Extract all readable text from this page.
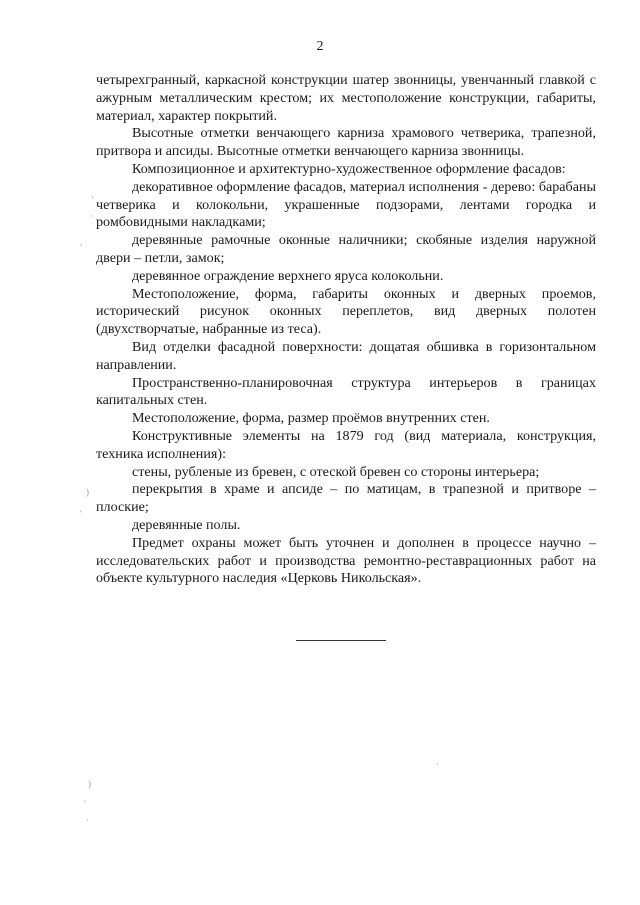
2

четырехгранный, каркасной конструкции шатер звонницы, увенчанный главкой с ажурным металлическим крестом; их местоположение конструкции, габариты, материал, характер покрытий.

Высотные отметки венчающего карниза храмового четверика, трапезной, притвора и апсиды. Высотные отметки венчающего карниза звонницы.

Композиционное и архитектурно-художественное оформление фасадов:

декоративное оформление фасадов, материал исполнения - дерево: барабаны четверика и колокольни, украшенные подзорами, лентами городка и ромбовидными накладками;

деревянные рамочные оконные наличники; скобяные изделия наружной двери – петли, замок;

деревянное ограждение верхнего яруса колокольни.

Местоположение, форма, габариты оконных и дверных проемов, исторический рисунок оконных переплетов, вид дверных полотен (двухстворчатые, набранные из теса).

Вид отделки фасадной поверхности: дощатая обшивка в горизонтальном направлении.

Пространственно-планировочная структура интерьеров в границах капитальных стен.

Местоположение, форма, размер проёмов внутренних стен.

Конструктивные элементы на 1879 год (вид материала, конструкция, техника исполнения):

стены, рубленые из бревен, с отеской бревен со стороны интерьера;

перекрытия в храме и апсиде – по матицам, в трапезной и притворе – плоские;

деревянные полы.

Предмет охраны может быть уточнен и дополнен в процессе научно – исследовательских работ и производства ремонтно-реставрационных работ на объекте культурного наследия «Церковь Никольская».

'
·
,
)
'
)
'
·
·
